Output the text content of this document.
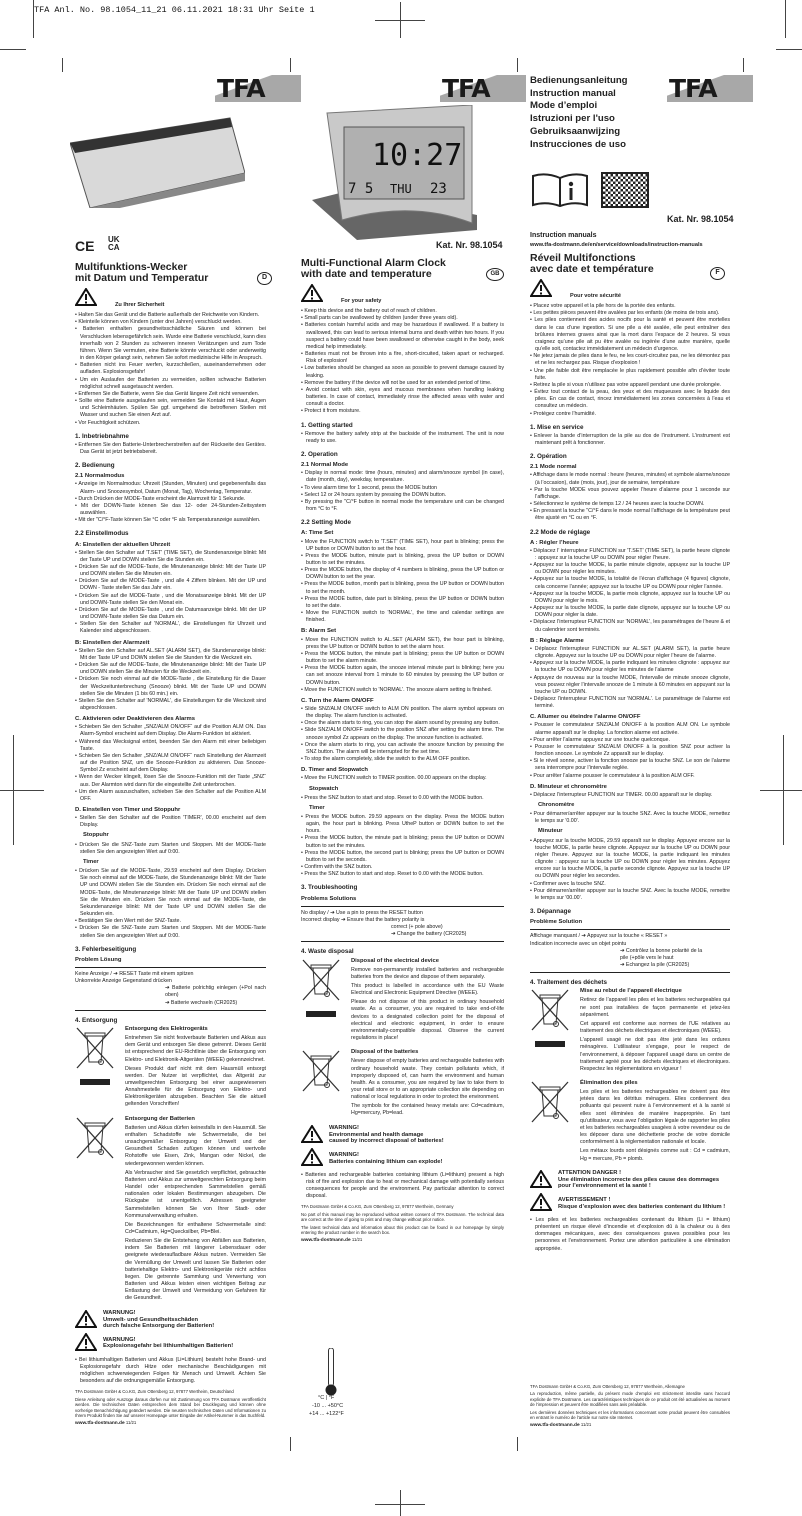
TFA Anl. No. 98.1054_11_21 06.11.2021 18:31 Uhr Seite 1
TFA
CE UK CA
Multifunktions-Wecker
mit Datum und Temperatur	D
Zu Ihrer Sicherheit
• Halten Sie das Gerät und die Batterie außerhalb der Reichweite von Kindern.
• Kleinteile können von Kindern (unter drei Jahren) verschluckt werden.
• Batterien enthalten gesundheitsschädliche Säuren und können bei Verschlucken lebensgefährlich sein. Wurde eine Batterie verschluckt, kann dies innerhalb von 2 Stunden zu schweren inneren Verätzungen und zum Tode führen. Wenn Sie vermuten, eine Batterie könnte verschluckt oder anderweitig in den Körper gelangt sein, nehmen Sie sofort medizinische Hilfe in Anspruch.
• Batterien nicht ins Feuer werfen, kurzschließen, auseinandernehmen oder aufladen. Explosionsgefahr!
• Um ein Auslaufen der Batterien zu vermeiden, sollten schwache Batterien möglichst schnell ausgetauscht werden.
• Entfernen Sie die Batterie, wenn Sie das Gerät längere Zeit nicht verwenden.
• Sollte eine Batterie ausgelaufen sein, vermeiden Sie Kontakt mit Haut, Augen und Schleimhäuten. Spülen Sie ggf. umgehend die betroffenen Stellen mit Wasser und suchen Sie einen Arzt auf.
• Vor Feuchtigkeit schützen.
1. Inbetriebnahme
• Entfernen Sie den Batterie-Unterbrecherstreifen auf der Rückseite des Gerätes. Das Gerät ist jetzt betriebsbereit.
2. Bedienung
2.1 Normalmodus
• Anzeige im Normalmodus: Uhrzeit (Stunden, Minuten) und gegebenenfalls das Alarm- und Snoozesymbol, Datum (Monat, Tag), Wochentag, Temperatur.
• Durch Drücken der MODE-Taste erscheint die Alarmzeit für 1 Sekunde.
• Mit der DOWN-Taste können Sie das 12- oder 24-Stunden-Zeitsystem auswählen.
• Mit der "C/°F-Taste können Sie °C oder °F als Temperaturanzeige auswählen.
2.2 Einstellmodus
A: Einstellen der aktuellen Uhrzeit
• Stellen Sie den Schalter auf 'T.SET' (TIME SET), die Stundenanzeige blinkt: Mit der Taste UP und DOWN stellen Sie die Stunden ein.
• Drücken Sie auf die MODE-Taste, die Minutenanzeige blinkt: Mit der Taste UP und DOWN stellen Sie die Minuten ein.
• Drücken Sie auf die MODE-Taste , und alle 4 Ziffern blinken. Mit der UP und DOWN - Taste stellen Sie das Jahr ein.
• Drücken Sie auf die MODE-Taste , und die Monatsanzeige blinkt. Mit der UP und DOWN-Taste stellen Sie den Monat ein.
• Drücken Sie auf die MODE-Taste , und die Datumsanzeige blinkt. Mit der UP und DOWN-Taste stellen Sie das Datum ein.
• Stellen Sie den Schalter auf 'NORMAL', die Einstellungen für Uhrzeit und Kalender sind abgeschlossen.
B: Einstellen der Alarmzeit
• Stellen Sie den Schalter auf AL.SET (ALARM SET), die Stundenanzeige blinkt: Mit der Taste UP und DOWN stellen Sie die Stunden für die Weckzeit ein.
• Drücken Sie auf die MODE-Taste, die Minutenanzeige blinkt: Mit der Taste UP und DOWN stellen Sie die Minuten für die Weckzeit ein.
• Drücken Sie noch einmal auf die MODE-Taste , die Einstellung für die Dauer der Weckzeitunterbrechung (Snooze) blinkt. Mit der Taste UP und DOWN stellen Sie die Minuten (1 bis 60 min.) ein.
• Stellen Sie den Schalter auf 'NORMAL', die Einstellungen für die Weckzeit sind abgeschlossen.
C. Aktivieren oder Deaktivieren des Alarms
• Schieben Sie den Schalter „SNZ/ALM ON/OFF“ auf die Position ALM ON. Das Alarm-Symbol erscheint auf dem Display. Die Alarm-Funktion ist aktiviert.
• Während das Wecksignal ertönt, beenden Sie den Alarm mit einer beliebigen Taste.
• Schieben Sie den Schalter „SNZ/ALM ON/OFF“ nach Einstellung der Alarmzeit auf die Position SNZ, um die Snooze-Funktion zu aktivieren. Das Snooze-Symbol Zz erscheint auf dem Display.
• Wenn der Wecker klingelt, lösen Sie die Snooze-Funktion mit der Taste „SNZ“ aus. Der Alarmton wird dann für die eingestellte Zeit unterbrochen.
• Um den Alarm auszuschalten, schieben Sie den Schalter auf die Position ALM OFF.
D. Einstellen von Timer und Stoppuhr
• Stellen Sie den Schalter auf die Position 'TIMER', 00.00 erscheint auf dem Display.
Stoppuhr
• Drücken Sie die SNZ-Taste zum Starten und Stoppen. Mit der MODE-Taste stellen Sie den angezeigten Wert auf 0:00.
Timer
• Drücken Sie auf die MODE-Taste, 29.59 erscheint auf dem Display. Drücken Sie noch einmal auf die MODE-Taste, die Stundenanzeige blinkt: Mit der Taste UP und DOWN stellen Sie die Stunden ein. Drücken Sie noch einmal auf die MODE-Taste, die Minutenanzeige blinkt: Mit der Taste UP und DOWN stellen Sie die Minuten ein. Drücken Sie noch einmal auf die MODE-Taste, die Sekundenanzeige blinkt: Mit der Taste UP und DOWN stellen Sie die Sekunden ein.
• Bestätigen Sie den Wert mit der SNZ-Taste.
• Drücken Sie die SNZ-Taste zum Starten und Stoppen. Mit der MODE-Taste stellen Sie den angezeigten Wert auf 0:00.
3. Fehlerbeseitigung
Problem Lösung
Keine Anzeige / ➔ RESET Taste mit einem spitzen
Unkorrekte Anzeige Gegenstand drücken
➔ Batterie polrichtig einlegen (+Pol nach oben)
➔ Batterie wechseln (CR2025)
4. Entsorgung
Entsorgung des Elektrogeräts
Entnehmen Sie nicht festverbaute Batterien und Akkus aus dem Gerät und entsorgen Sie diese getrennt. Dieses Gerät ist entsprechend der EU-Richtlinie über die Entsorgung von Elektro- und Elektronik-Altgeräten (WEEE) gekennzeichnet.
Dieses Produkt darf nicht mit dem Hausmüll entsorgt werden. Der Nutzer ist verpflichtet, das Altgerät zur umweltgerechten Entsorgung bei einer ausgewiesenen Annahmestelle für die Entsorgung von Elektro- und Elektronikgeräten abzugeben. Beachten Sie die aktuell geltenden Vorschriften!
Entsorgung der Batterien
Batterien und Akkus dürfen keinesfalls in den Hausmüll. Sie enthalten Schadstoffe wie Schwermetalle, die bei unsachgemäßer Entsorgung der Umwelt und der Gesundheit Schaden zufügen können und wertvolle Rohstoffe wie Eisen, Zink, Mangan oder Nickel, die wiedergewonnen werden können.
Als Verbraucher sind Sie gesetzlich verpflichtet, gebrauchte Batterien und Akkus zur umweltgerechten Entsorgung beim Handel oder entsprechenden Sammelstellen gemäß nationalen oder lokalen Bestimmungen abzugeben. Die Rückgabe ist unentgeltlich. Adressen geeigneter Sammelstellen können Sie von Ihrer Stadt- oder Kommunalverwaltung erhalten.
Die Bezeichnungen für enthaltene Schwermetalle sind: Cd=Cadmium, Hg=Quecksilber, Pb=Blei.
Reduzieren Sie die Entstehung von Abfällen aus Batterien, indem Sie Batterien mit längerer Lebensdauer oder geeignete wiederaufladbare Akkus nutzen. Vermeiden Sie die Vermüllung der Umwelt und lassen Sie Batterien oder batteriehaltige Elektro- und Elektronikgeräte nicht achtlos liegen. Die getrennte Sammlung und Verwertung von Batterien und Akkus leisten einen wichtigen Beitrag zur Entlastung der Umwelt und Vermeidung von Gefahren für die Gesundheit.
WARNUNG!
Umwelt- und Gesundheitsschäden
durch falsche Entsorgung der Batterien!
WARNUNG!
Explosionsgefahr bei lithiumhaltigen Batterien!
• Bei lithiumhaltigen Batterien und Akkus (Li=Lithium) besteht hohe Brand- und Explosionsgefahr durch Hitze oder mechanische Beschädigungen mit möglichen schwerwiegenden Folgen für Mensch und Umwelt. Achten Sie besonders auf die ordnungsgemäße Entsorgung.
TFA Dostmann GmbH & Co.KG, Zum Ottersberg 12, 97877 Wertheim, Deutschland
Diese Anleitung oder Auszüge daraus dürfen nur mit Zustimmung von TFA Dostmann veröffentlicht werden. Die technischen Daten entsprechen dem Stand bei Drucklegung und können ohne vorherige Benachrichtigung geändert werden. Die neusten technischen Daten und Informationen zu Ihrem Produkt finden Sie auf unserer Homepage unter Eingabe der Artikel-Nummer in das Suchfeld.
www.tfa-dostmann.de 11/21
TFA
10:27
7 5 THU 23
Kat. Nr. 98.1054
Multi-Functional Alarm Clock
with date and temperature	GB
For your safety
• Keep this device and the battery out of reach of children.
• Small parts can be swallowed by children (under three years old).
• Batteries contain harmful acids and may be hazardous if swallowed. If a battery is swallowed, this can lead to serious internal burns and death within two hours. If you suspect a battery could have been swallowed or otherwise caught in the body, seek medical help immediately.
• Batteries must not be thrown into a fire, short-circuited, taken apart or recharged. Risk of explosion!
• Low batteries should be changed as soon as possible to prevent damage caused by leaking.
• Remove the battery if the device will not be used for an extended period of time.
• Avoid contact with skin, eyes and mucous membranes when handling leaking batteries. In case of contact, immediately rinse the affected areas with water and consult a doctor.
• Protect it from moisture.
1. Getting started
• Remove the battery safety strip at the backside of the instrument. The unit is now ready to use.
2. Operation
2.1 Normal Mode
• Display in normal mode: time (hours, minutes) and alarm/snooze symbol (in case), date (month, day), weekday, temperature.
• To view alarm time for 1 second, press the MODE button
• Select 12 or 24 hours system by pressing the DOWN button.
• By pressing the "C/°F button in normal mode the temperature unit can be changed from °C to °F.
2.2 Setting Mode
A: Time Set
• Move the FUNCTION switch to 'T.SET' (TIME SET), hour part is blinking; press the UP button or DOWN button to set the hour.
• Press the MODE button, minute part is blinking, press the UP button or DOWN button to set the minutes.
• Press the MODE button, the display of 4 numbers is blinking, press the UP button or DOWN button to set the year.
• Press the MODE button, month part is blinking, press the UP button or DOWN button to set the month.
• Press the MODE button, date part is blinking, press the UP button or DOWN button to set the date.
• Move the FUNCTION switch to 'NORMAL', the time and calendar settings are finished.
B: Alarm Set
• Move the FUNCTION switch to AL.SET (ALARM SET), the hour part is blinking, press the UP button or DOWN button to set the alarm hour.
• Press the MODE button, the minute part is blinking; press the UP button or DOWN button to set the alarm minute.
• Press the MODE button again, the snooze interval minute part is blinking; here you can set snooze interval from 1 minute to 60 minutes by pressing the UP button or DOWN button.
• Move the FUNCTION switch to 'NORMAL'. The snooze alarm setting is finished.
C. Turn the Alarm ON/OFF
• Slide SNZ/ALM ON/OFF switch to ALM ON position. The alarm symbol appears on the display. The alarm function is activated.
• Once the alarm starts to ring, you can stop the alarm sound by pressing any button.
• Slide SNZ/ALM ON/OFF switch to the position SNZ after setting the alarm time. The snooze symbol Zz appears on the display. The snooze function is activated.
• Once the alarm starts to ring, you can activate the snooze function by pressing the SNZ button. The alarm will be interrupted for the set time.
• To stop the alarm completely, slide the switch to the ALM OFF position.
D. Timer and Stopwatch
• Move the FUNCTION switch to TIMER position. 00.00 appears on the display.
Stopwatch
• Press the SNZ button to start and stop. Reset to 0.00 with the MODE button.
Timer
• Press the MODE button. 29.59 appears on the display. Press the MODE button again, the hour part is blinking. Press UtheP button or DOWN button to set the hours.
• Press the MODE button, the minute part is blinking; press the UP button or DOWN button to set the minutes.
• Press the MODE button, the second part is blinking; press the UP button or DOWN button to set the seconds.
• Confirm with the SNZ button.
• Press the SNZ button to start and stop. Reset to 0.00 with the MODE button.
3. Troubleshooting
Problems Solutions
No display / ➔ Use a pin to press the RESET button
Incorrect display ➔ Ensure that the battery polarity is
correct (+ pole above)
➔ Change the battery (CR2025)
4. Waste disposal
Disposal of the electrical device
Remove non-permanently installed batteries and rechargeable batteries from the device and dispose of them separately.
This product is labelled in accordance with the EU Waste Electrical and Electronic Equipment Directive (WEEE).
Please do not dispose of this product in ordinary household waste. As a consumer, you are required to take end-of-life devices to a designated collection point for the disposal of electrical and electronic equipment, in order to ensure environmentally-compatible disposal. Observe the current regulations in place!
Disposal of the batteries
Never dispose of empty batteries and rechargeable batteries with ordinary household waste. They contain pollutants which, if improperly disposed of, can harm the environment and human health. As a consumer, you are required by law to take them to your retail store or to an appropriate collection site depending on national or local regulations in order to protect the environment.
The symbols for the contained heavy metals are: Cd=cadmium, Hg=mercury, Pb=lead.
WARNING!
Environmental and health damage
caused by incorrect disposal of batteries!
WARNING!
Batteries containing lithium can explode!
• Batteries and rechargeable batteries containing lithium (Li=lithium) present a high risk of fire and explosion due to heat or mechanical damage with potentially serious consequences for people and the environment. Pay particular attention to correct disposal.
TFA Dostmann GmbH & Co.KG, Zum Ottersberg 12, 97877 Wertheim, Germany
No part of this manual may be reproduced without written consent of TFA Dostmann. The technical data are correct at the time of going to print and may change without prior notice.
The latest technical data and information about this product can be found in our homepage by simply entering the product number in the search box.
www.tfa-dostmann.de 11/21
°C | °F
-10 ... +50°C
+14 ... +122°F
Bedienungsanleitung
Instruction manual
Mode d’emploi
Istruzioni per l'uso
Gebruiksaanwijzing
Instrucciones de uso
TFA
Kat. Nr. 98.1054
Instruction manuals
www.tfa-dostmann.de/en/service/downloads/instruction-manuals
Réveil Multifonctions
avec date et température	F
Pour votre sécurité
• Placez votre appareil et la pile hors de la portée des enfants.
• Les petites pièces peuvent être avalées par les enfants (de moins de trois ans).
• Les piles contiennent des acides nocifs pour la santé et peuvent être mortelles dans le cas d’une ingestion. Si une pile a été avalée, elle peut entraîner des brûlures internes graves ainsi que la mort dans l’espace de 2 heures. Si vous craignez qu’une pile ait pu être avalée ou ingérée d’une autre manière, quelle qu’elle soit, contactez immédiatement un médecin d’urgence.
• Ne jetez jamais de piles dans le feu, ne les court-circuitez pas, ne les démontez pas et ne les rechargez pas. Risque d’explosion !
• Une pile faible doit être remplacée le plus rapidement possible afin d’éviter toute fuite.
• Retirez la pile si vous n’utilisez pas votre appareil pendant une durée prolongée.
• Évitez tout contact de la peau, des yeux et des muqueuses avec le liquide des piles. En cas de contact, rincez immédiatement les zones concernées à l’eau et consultez un médecin.
• Protégez contre l’humidité.
1. Mise en service
• Enlever la bande d’interruption de la pile au dos de l’instrument. L’instrument est maintenant prêt à fonctionner.
2. Opération
2.1 Mode normal
• Affichage dans le mode normal : heure (heures, minutes) et symbole alarme/snooze (à l’occasion), date (mois, jour), jour de semaine, température
• Par la touche MODE vous pouvez appeler l’heure d’alarme pour 1 seconde sur l’affichage.
• Sélectionnez le système de temps 12 / 24 heures avec la touche DOWN.
• En pressant la touche "C/°F dans le mode normal l’affichage de la température peut être ajusté en °C ou en °F.
2.2 Mode de réglage
A : Régler l’heure
• Déplacez l’ interrupteur FUNCTION sur 'T.SET' (TIME SET), la partie heure clignote : appuyez sur la touche UP ou DOWN pour régler l’heure.
• Appuyez sur la touche MODE, la partie minute clignote, appuyez sur la touche UP ou DOWN pour régler les minutes.
• Appuyez sur la touche MODE, la totalité de l’écran d’affichage (4 figures) clignote, cela concerne l’année; appuyez sur la touche UP ou DOWN pour régler l’année.
• Appuyez sur la touche MODE, la partie mois clignote, appuyez sur la touche UP ou DOWN pour régler le mois.
• Appuyez sur la touche MODE, la partie date clignote, appuyez sur la touche UP ou DOWN pour régler la date.
• Déplacez l’interrupteur FUNCTION sur 'NORMAL', les paramétrages de l’heure & et du calendrier sont terminés.
B : Réglage Alarme
• Déplacez l’interrupteur FUNCTION sur AL.SET (ALARM SET), la partie heure clignote. Appuyez sur la touche UP ou DOWN pour régler l’heure de l’alarme.
• Appuyez sur la touche MODE, la partie indiquant les minutes clignote : appuyez sur la touche UP ou DOWN pour régler les minutes de l’alarme
• Appuyez de nouveau sur la touche MODE, l’intervalle de minute snooze clignote, vous pouvez régler l’intervalle snooze de 1 minute à 60 minutes en appuyant sur la touche UP ou DOWN.
• Déplacez l’interrupteur FUNCTION sur 'NORMAL'. Le paramétrage de l’alarme est terminé.
C. Allumer ou éteindre l’alarme ON/OFF
• Pousser le commutateur SNZ/ALM ON/OFF à la position ALM ON. Le symbole alarme apparaît sur le display. La fonction alarme est activée.
• Pour arrêter l’alarme appuyez sur une touche quelconque.
• Pousser le commutateur SNZ/ALM ON/OFF à la position SNZ pour activer la fonction snooze. Le symbole Zz apparaît sur le display.
• Si le réveil sonne, activer la fonction snooze par la touche SNZ. Le son de l’alarme sera interrompre pour l’intervalle reglée.
• Pour arrêter l’alarme pousser le commutateur à la position ALM OFF.
D. Minuteur et chronomètre
• Déplacez l’interrupteur FUNCTION sur TIMER. 00.00 apparaît sur le display.
Chronomètre
• Pour démarrer/arrêter appuyer sur la touche SNZ. Avec la touche MODE, remettez le temps sur '0.00'.
Minuteur
• Appuyez sur la touche MODE, 29.59 apparaît sur le display. Appuyez encore sur la touche MODE, la partie heure clignote. Appuyez sur la touche UP ou DOWN pour régler l’heure. Appuyez sur la touche MODE, la partie indiquant les minutes clignote : appuyez sur la touche UP ou DOWN pour régler les minutes. Appuyez encore sur la touche MODE, la partie seconde clignote. Appuyez sur la touche UP ou DOWN pour régler les secondes.
• Confirmer avec la touche SNZ.
• Pour démarrer/arrêter appuyer sur la touche SNZ. Avec la touche MODE, remettre le temps sur '00.00'.
3. Dépannage
Problème Solution
Affichage manquant / ➔ Appuyez sur la touche « RESET »
Indication incorrecte avec un objet pointu
➔ Contrôlez la bonne polarité de la
pile (+pôle vers le haut
➔ Echangez la pile (CR2025)
4. Traitement des déchets
Mise au rebut de l’appareil électrique
Retirez de l’appareil les piles et les batteries rechargeables qui ne sont pas installées de façon permanente et jetez-les séparément.
Cet appareil est conforme aux normes de l’UE relatives au traitement des déchets électriques et électroniques (WEEE).
L’appareil usagé ne doit pas être jeté dans les ordures ménagères. L’utilisateur s’engage, pour le respect de l’environnement, à déposer l’appareil usagé dans un centre de traitement agréé pour les déchets électriques et électroniques. Respectez les réglementations en vigueur !
Élimination des piles
Les piles et les batteries rechargeables ne doivent pas être jetées dans les détritus ménagers. Elles contiennent des polluants qui peuvent nuire à l’environnement et à la santé si elles sont éliminées de manière inappropriée. En tant qu’utilisateur, vous avez l’obligation légale de rapporter les piles et les batteries rechargeables usagées à votre revendeur ou de les déposer dans une déchetterie proche de votre domicile conformément à la réglementation nationale et locale.
Les métaux lourds sont désignés comme suit : Cd = cadmium, Hg = mercure, Pb = plomb.
ATTENTION DANGER !
Une élimination incorrecte des piles cause des dommages
pour l’environnement et la santé !
AVERTISSEMENT !
Risque d’explosion avec des batteries contenant du lithium !
• Les piles et les batteries rechargeables contenant du lithium (Li = lithium) présentent un risque élevé d’incendie et d’explosion dû à la chaleur ou à des dommages mécaniques, avec des conséquences graves possibles pour les personnes et l’environnement. Portez une attention particulière à une élimination appropriée.
TFA Dostmann GmbH & Co.KG, Zum Ottersberg 12, 97877 Wertheim, Allemagne
La reproduction, même partielle, du présent mode d’emploi est strictement interdite sans l’accord explicite de TFA Dostmann. Les caractéristiques techniques de ce produit ont été actualisées au moment de l’impression et peuvent être modifiées sans avis préalable.
Les dernières données techniques et les informations concernant votre produit peuvent être consultées en entrant le numéro de l’article sur notre site Internet.
www.tfa-dostmann.de 11/21
